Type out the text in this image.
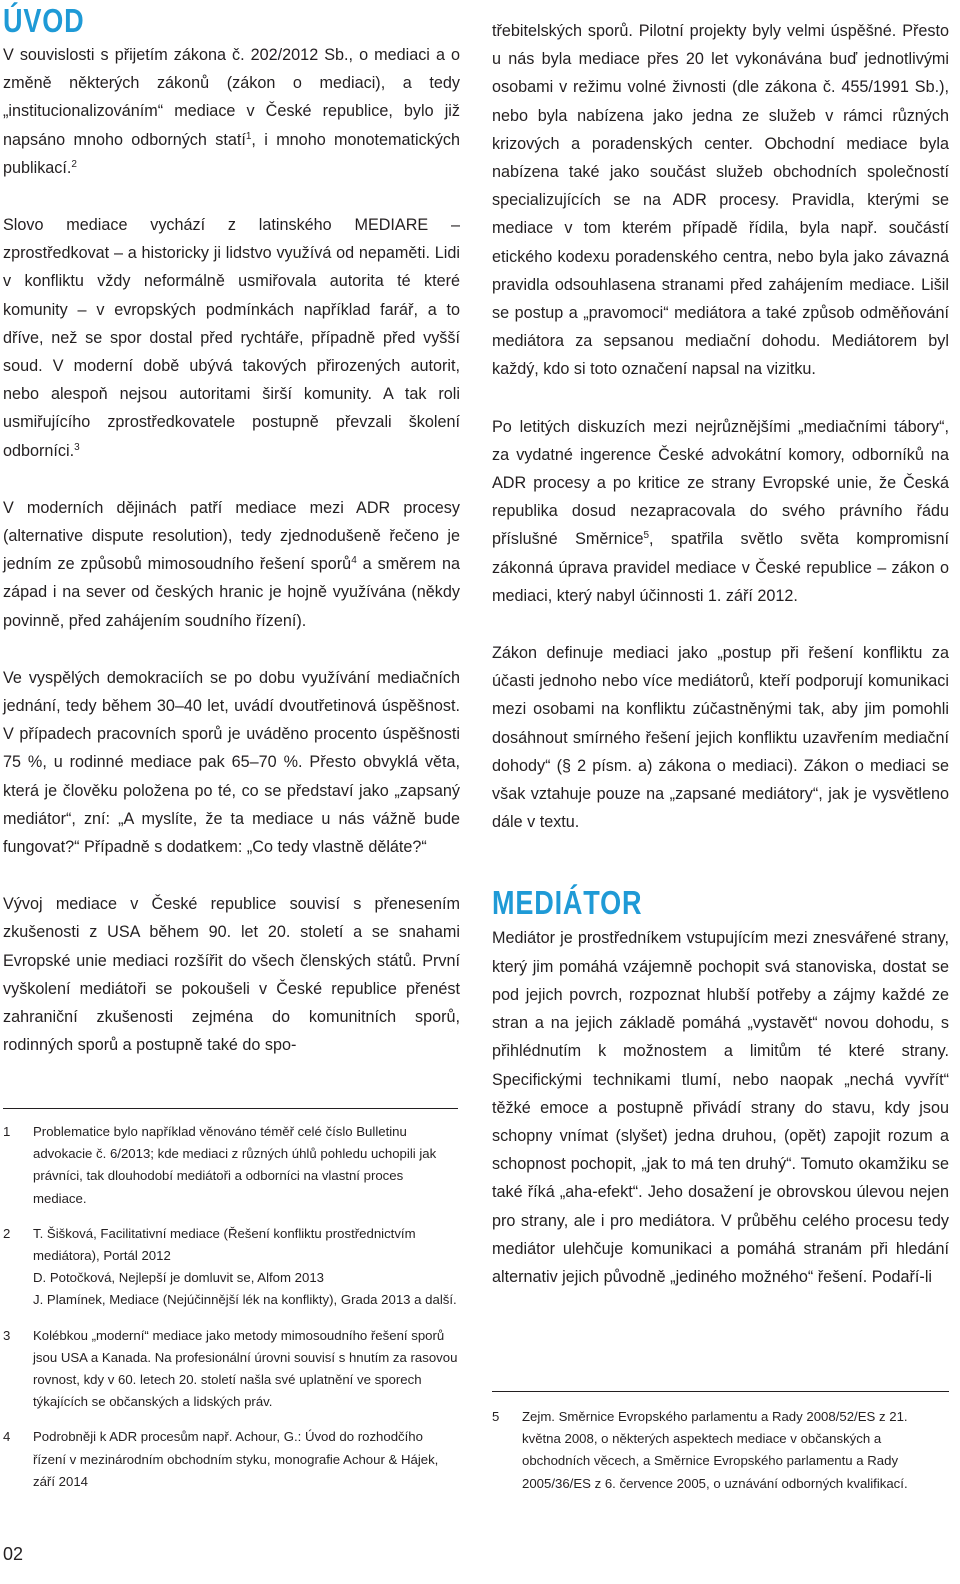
ÚVOD

V souvislosti s přijetím zákona č. 202/2012 Sb., o mediaci a o změně některých zákonů (zákon o mediaci), a tedy „institucionalizováním“ mediace v České republice, bylo již napsáno mnoho odborných statí$^1$, i mnoho monotematických publikací.$^2$

Slovo mediace vychází z latinského MEDIARE – zprostředkovat – a historicky ji lidstvo využívá od nepaměti. Lidi v konfliktu vždy neformálně usmiřovala autorita té které komunity – v evropských podmínkách například farář, a to dříve, než se spor dostal před rychtáře, případně před vyšší soud. V moderní době ubývá takových přirozených autorit, nebo alespoň nejsou autoritami širší komunity. A tak roli usmiřujícího zprostředkovatele postupně převzali školení odborníci.$^3$

V moderních dějinách patří mediace mezi ADR procesy (alternative dispute resolution), tedy zjednodušeně řečeno je jedním ze způsobů mimosoudního řešení sporů$^4$ a směrem na západ i na sever od českých hranic je hojně využívána (někdy povinně, před zahájením soudního řízení).

Ve vyspělých demokraciích se po dobu využívání mediačních jednání, tedy během 30–40 let, uvádí dvoutřetinová úspěšnost. V případech pracovních sporů je uváděno procento úspěšnosti 75 %, u rodinné mediace pak 65–70 %. Přesto obvyklá věta, která je člověku položena po té, co se představí jako „zapsaný mediátor“, zní: „A myslíte, že ta mediace u nás vážně bude fungovat?“ Případně s dodatkem: „Co tedy vlastně děláte?“

Vývoj mediace v České republice souvisí s přenesením zkušenosti z USA během 90. let 20. století a se snahami Evropské unie mediaci rozšířit do všech členských států. První vyškolení mediátoři se pokoušeli v České republice přenést zahraniční zkušenosti zejména do komunitních sporů, rodinných sporů a postupně také do spo-

1	Problematice bylo například věnováno téměř celé číslo Bulletinu advokacie č. 6/2013; kde mediaci z různých úhlů pohledu uchopili jak právníci, tak dlouhodobí mediátoři a odborníci na vlastní proces mediace.
2	T. Šišková, Facilitativní mediace (Řešení konfliktu prostřednictvím mediátora), Portál 2012
D. Potočková, Nejlepší je domluvit se, Alfom 2013
J. Plamínek, Mediace (Nejúčinnější lék na konflikty), Grada 2013 a další.
3	Kolébkou „moderní“ mediace jako metody mimosoudního řešení sporů jsou USA a Kanada. Na profesionální úrovni souvisí s hnutím za rasovou rovnost, kdy v 60. letech 20. století našla své uplatnění ve sporech týkajících se občanských a lidských práv.
4	Podrobněji k ADR procesům např. Achour, G.: Úvod do rozhodčího řízení v mezinárodním obchodním styku, monografie Achour & Hájek, září 2014

třebitelských sporů. Pilotní projekty byly velmi úspěšné. Přesto u nás byla mediace přes 20 let vykonávána buď jednotlivými osobami v režimu volné živnosti (dle zákona č. 455/1991 Sb.), nebo byla nabízena jako jedna ze služeb v rámci různých krizových a poradenských center. Obchodní mediace byla nabízena také jako součást služeb obchodních společností specializujících se na ADR procesy. Pravidla, kterými se mediace v tom kterém případě řídila, byla např. součástí etického kodexu poradenského centra, nebo byla jako závazná pravidla odsouhlasena stranami před zahájením mediace. Lišil se postup a „pravomoci“ mediátora a také způsob odměňování mediátora za sepsanou mediační dohodu. Mediátorem byl každý, kdo si toto označení napsal na vizitku.

Po letitých diskuzích mezi nejrůznějšími „mediačními tábory“, za vydatné ingerence České advokátní komory, odborníků na ADR procesy a po kritice ze strany Evropské unie, že Česká republika dosud nezapracovala do svého právního řádu příslušné Směrnice$^5$, spatřila světlo světa kompromisní zákonná úprava pravidel mediace v České republice – zákon o mediaci, který nabyl účinnosti 1. září 2012.

Zákon definuje mediaci jako „postup při řešení konfliktu za účasti jednoho nebo více mediátorů, kteří podporují komunikaci mezi osobami na konfliktu zúčastněnými tak, aby jim pomohli dosáhnout smírného řešení jejich konfliktu uzavřením mediační dohody“ (§ 2 písm. a) zákona o mediaci). Zákon o mediaci se však vztahuje pouze na „zapsané mediátory“, jak je vysvětleno dále v textu.

MEDIÁTOR

Mediátor je prostředníkem vstupujícím mezi znesvářené strany, který jim pomáhá vzájemně pochopit svá stanoviska, dostat se pod jejich povrch, rozpoznat hlubší potřeby a zájmy každé ze stran a na jejich základě pomáhá „vystavět“ novou dohodu, s přihlédnutím k možnostem a limitům té které strany. Specifickými technikami tlumí, nebo naopak „nechá vyvřít“ těžké emoce a postupně přivádí strany do stavu, kdy jsou schopny vnímat (slyšet) jedna druhou, (opět) zapojit rozum a schopnost pochopit, „jak to má ten druhý“. Tomuto okamžiku se také říká „aha-efekt“. Jeho dosažení je obrovskou úlevou nejen pro strany, ale i pro mediátora. V průběhu celého procesu tedy mediátor ulehčuje komunikaci a pomáhá stranám při hledání alternativ jejich původně „jediného možného“ řešení. Podaří-li

5	Zejm. Směrnice Evropského parlamentu a Rady 2008/52/ES z 21. května 2008, o některých aspektech mediace v občanských a obchodních věcech, a Směrnice Evropského parlamentu a Rady 2005/36/ES z 6. července 2005, o uznávání odborných kvalifikací.
02
